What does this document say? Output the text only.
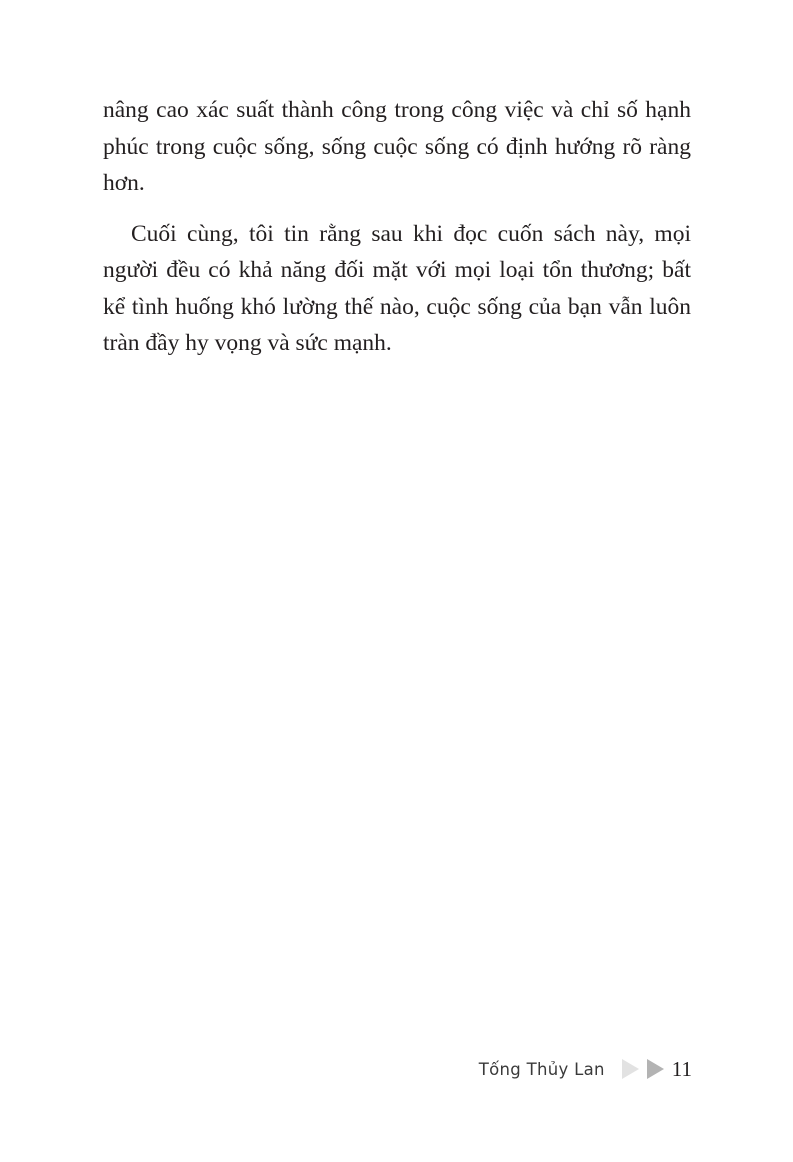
nâng cao xác suất thành công trong công việc và chỉ số hạnh phúc trong cuộc sống, sống cuộc sống có định hướng rõ ràng hơn.

Cuối cùng, tôi tin rằng sau khi đọc cuốn sách này, mọi người đều có khả năng đối mặt với mọi loại tổn thương; bất kể tình huống khó lường thế nào, cuộc sống của bạn vẫn luôn tràn đầy hy vọng và sức mạnh.

Tống Thủy Lan	11
